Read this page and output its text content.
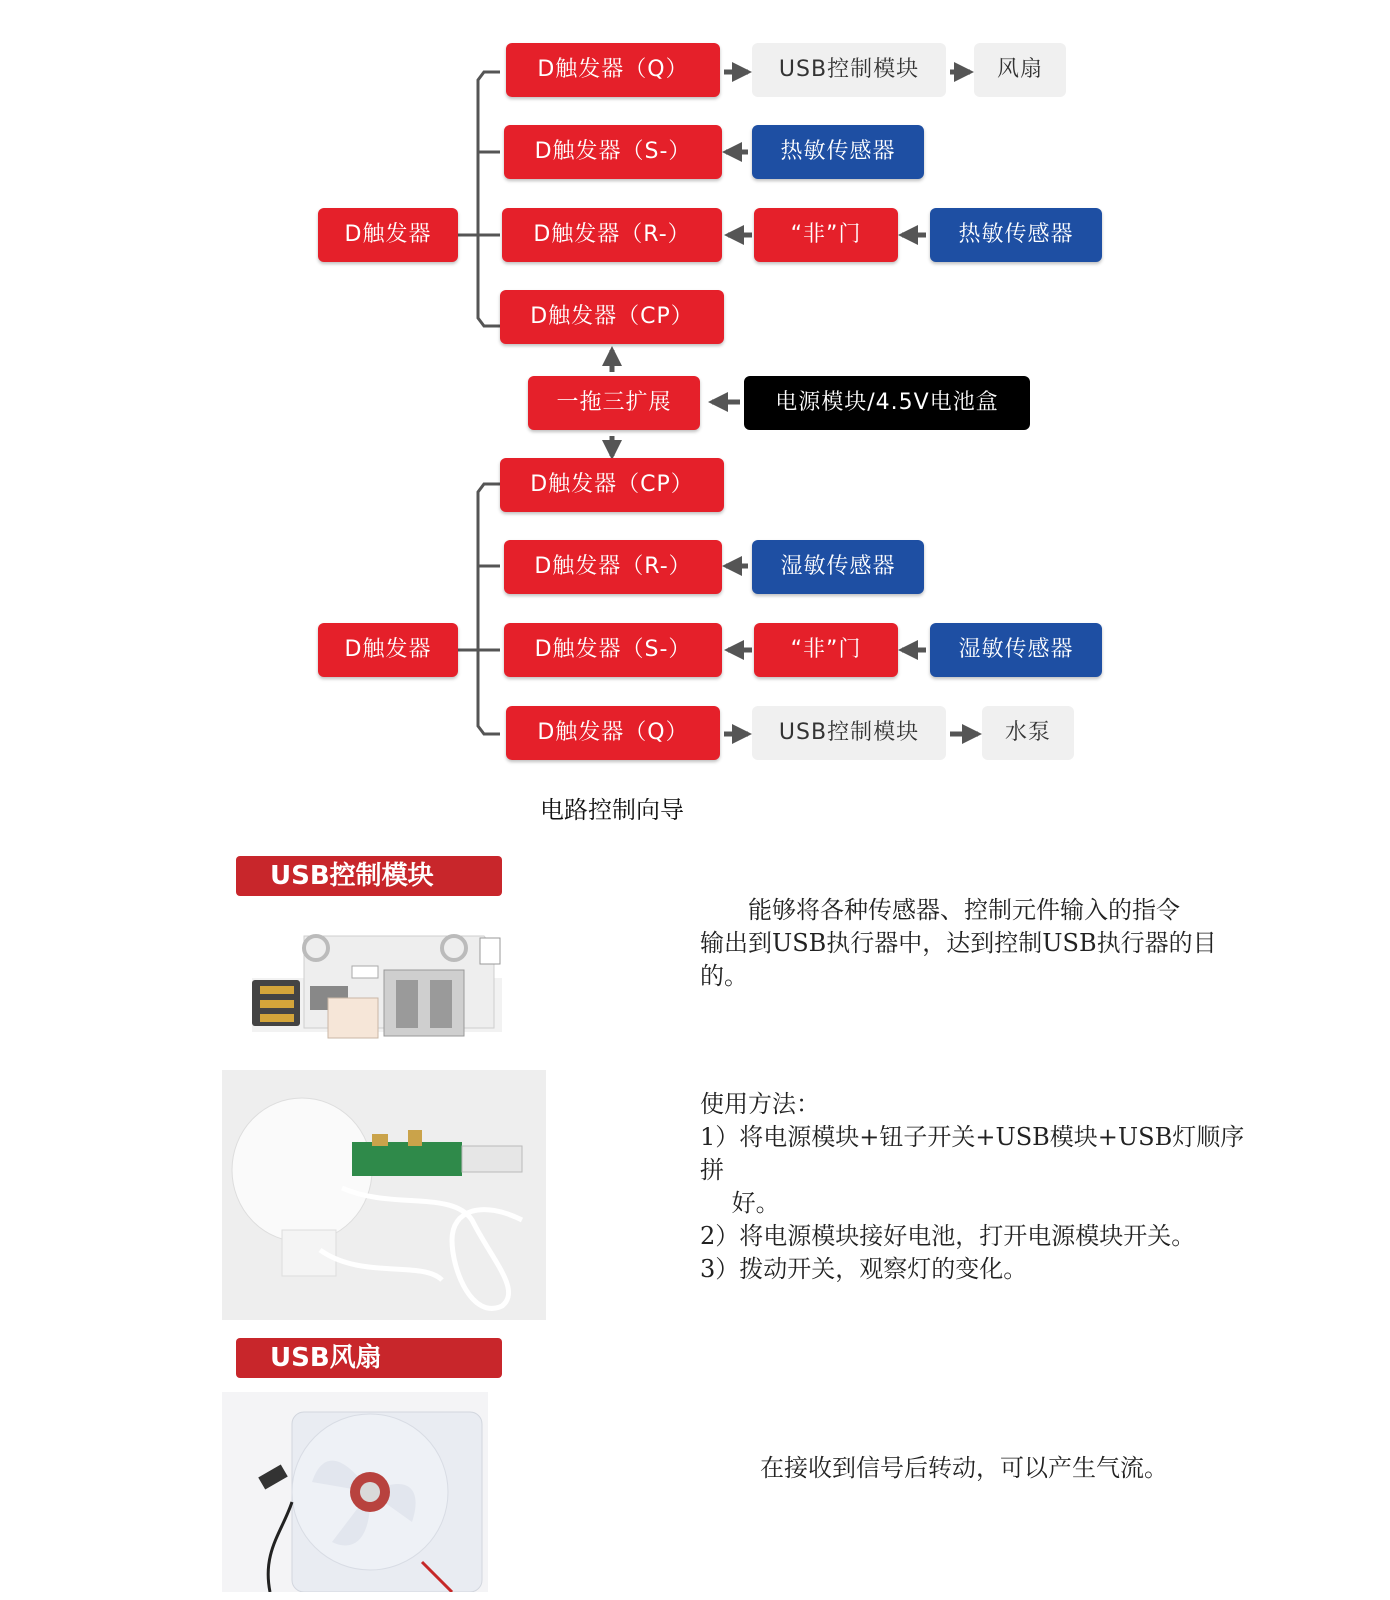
D触发器
D触发器（Q）	USB控制模块	风扇
D触发器（S-）	热敏传感器
D触发器（R-）	“非”门	热敏传感器
D触发器（CP）
一拖三扩展	电源模块/4.5V电池盒
D触发器（CP）
D触发器（R-）	湿敏传感器
D触发器	D触发器（S-）	“非”门	湿敏传感器
D触发器（Q）	USB控制模块	水泵
电路控制向导
USB控制模块
　　能够将各种传感器、控制元件输入的指令
输出到USB执行器中，达到控制USB执行器的目
的。
使用方法：
1）将电源模块+钮子开关+USB模块+USB灯顺序拼
　 好。
2）将电源模块接好电池，打开电源模块开关。
3）拨动开关，观察灯的变化。
USB风扇
在接收到信号后转动，可以产生气流。
